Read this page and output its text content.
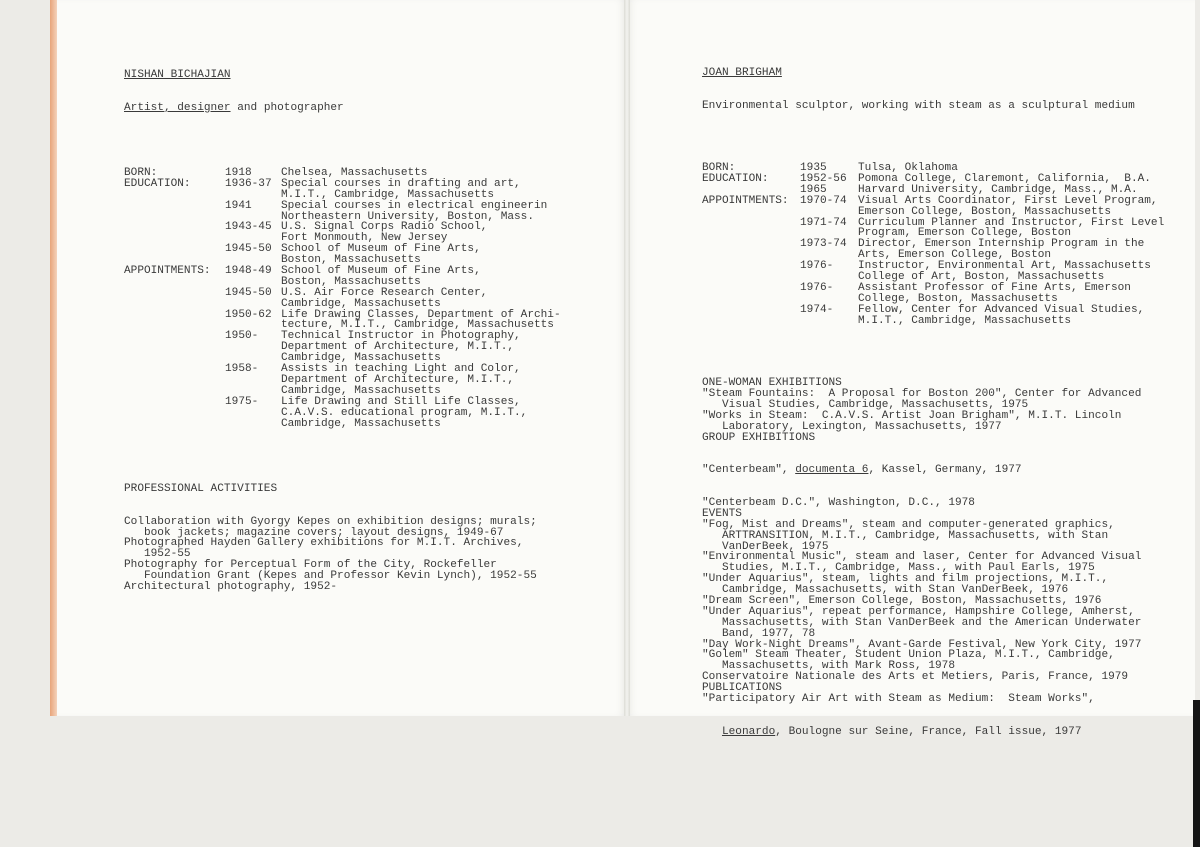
NISHAN BICHAJIAN

Artist, designer and photographer

BORN:	1918	Chelsea, Massachusetts
EDUCATION:	1936-37 Special courses in drafting and art,
M.I.T., Cambridge, Massachusetts
1941	Special courses in electrical engineerin
Northeastern University, Boston, Mass.
1943-45 U.S. Signal Corps Radio School,
Fort Monmouth, New Jersey
1945-50 School of Museum of Fine Arts,
Boston, Massachusetts
APPOINTMENTS: 1948-49 School of Museum of Fine Arts,
Boston, Massachusetts
1945-50 U.S. Air Force Research Center,
Cambridge, Massachusetts
1950-62 Life Drawing Classes, Department of Archi-
tecture, M.I.T., Cambridge, Massachusetts
1950- Technical Instructor in Photography,
Department of Architecture, M.I.T.,
Cambridge, Massachusetts
1958- Assists in teaching Light and Color,
Department of Architecture, M.I.T.,
Cambridge, Massachusetts
1975- Life Drawing and Still Life Classes,
C.A.V.S. educational program, M.I.T.,
Cambridge, Massachusetts

PROFESSIONAL ACTIVITIES

Collaboration with Gyorgy Kepes on exhibition designs; murals;
book jackets; magazine covers; layout designs, 1949-67
Photographed Hayden Gallery exhibitions for M.I.T. Archives,
1952-55
Photography for Perceptual Form of the City, Rockefeller
Foundation Grant (Kepes and Professor Kevin Lynch), 1952-55
Architectural photography, 1952-

JOAN BRIGHAM

Environmental sculptor, working with steam as a sculptural medium

BORN:	1935	Tulsa, Oklahoma
EDUCATION:	1952-56 Pomona College, Claremont, California,  B.A.
1965	Harvard University, Cambridge, Mass., M.A.
APPOINTMENTS: 1970-74 Visual Arts Coordinator, First Level Program,
Emerson College, Boston, Massachusetts
1971-74 Curriculum Planner and Instructor, First Level
Program, Emerson College, Boston
1973-74 Director, Emerson Internship Program in the
Arts, Emerson College, Boston
1976- Instructor, Environmental Art, Massachusetts
College of Art, Boston, Massachusetts
1976- Assistant Professor of Fine Arts, Emerson
College, Boston, Massachusetts
1974- Fellow, Center for Advanced Visual Studies,
M.I.T., Cambridge, Massachusetts

ONE-WOMAN EXHIBITIONS
"Steam Fountains:  A Proposal for Boston 200", Center for Advanced
Visual Studies, Cambridge, Massachusetts, 1975
"Works in Steam:  C.A.V.S. Artist Joan Brigham", M.I.T. Lincoln
Laboratory, Lexington, Massachusetts, 1977
GROUP EXHIBITIONS

"Centerbeam", documenta 6, Kassel, Germany, 1977

"Centerbeam D.C.", Washington, D.C., 1978
EVENTS
"Fog, Mist and Dreams", steam and computer-generated graphics,
ARTTRANSITION, M.I.T., Cambridge, Massachusetts, with Stan
VanDerBeek, 1975
"Environmental Music", steam and laser, Center for Advanced Visual
Studies, M.I.T., Cambridge, Mass., with Paul Earls, 1975
"Under Aquarius", steam, lights and film projections, M.I.T.,
Cambridge, Massachusetts, with Stan VanDerBeek, 1976
"Dream Screen", Emerson College, Boston, Massachusetts, 1976
"Under Aquarius", repeat performance, Hampshire College, Amherst,
Massachusetts, with Stan VanDerBeek and the American Underwater
Band, 1977, 78
"Day Work-Night Dreams", Avant-Garde Festival, New York City, 1977
"Golem" Steam Theater, Student Union Plaza, M.I.T., Cambridge,
Massachusetts, with Mark Ross, 1978
Conservatoire Nationale des Arts et Metiers, Paris, France, 1979
PUBLICATIONS
"Participatory Air Art with Steam as Medium:  Steam Works",

Leonardo, Boulogne sur Seine, France, Fall issue, 1977
